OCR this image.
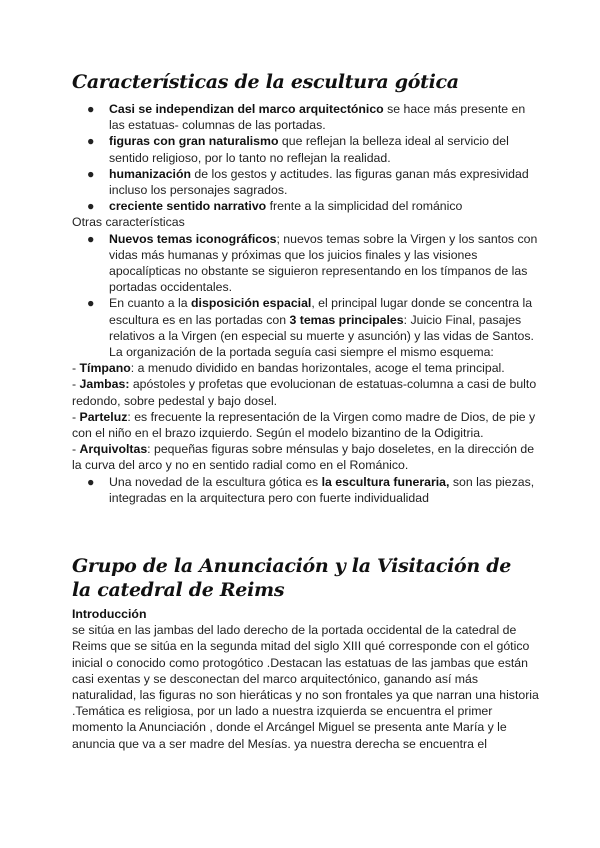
Características de la escultura gótica
● Casi se independizan del marco arquitectónico se hace más presente en las estatuas- columnas de las portadas.
● figuras con gran naturalismo que reflejan la belleza ideal al servicio del sentido religioso, por lo tanto no reflejan la realidad.
● humanización de los gestos y actitudes. las figuras ganan más expresividad incluso los personajes sagrados.
● creciente sentido narrativo frente a la simplicidad del románico

Otras características

● Nuevos temas iconográficos; nuevos temas sobre la Virgen y los santos con vidas más humanas y próximas que los juicios finales y las visiones apocalípticas no obstante se siguieron representando en los tímpanos de las portadas occidentales.
● En cuanto a la disposición espacial, el principal lugar donde se concentra la escultura es en las portadas con 3 temas principales: Juicio Final, pasajes relativos a la Virgen (en especial su muerte y asunción) y las vidas de Santos. La organización de la portada seguía casi siempre el mismo esquema:

- Tímpano: a menudo dividido en bandas horizontales, acoge el tema principal.

- Jambas: apóstoles y profetas que evolucionan de estatuas-columna a casi de bulto redondo, sobre pedestal y bajo dosel.

- Parteluz: es frecuente la representación de la Virgen como madre de Dios, de pie y con el niño en el brazo izquierdo. Según el modelo bizantino de la Odigitria.

- Arquivoltas: pequeñas figuras sobre ménsulas y bajo doseletes, en la dirección de la curva del arco y no en sentido radial como en el Románico.

● Una novedad de la escultura gótica es la escultura funeraria, son las piezas, integradas en la arquitectura pero con fuerte individualidad
Grupo de la Anunciación y la Visitación de la catedral de Reims

Introducción

se sitúa en las jambas del lado derecho de la portada occidental de la catedral de Reims que se sitúa en la segunda mitad del siglo XIII qué corresponde con el gótico inicial o conocido como protogótico .Destacan las estatuas de las jambas que están casi exentas y se desconectan del marco arquitectónico, ganando así más naturalidad, las figuras no son hieráticas y no son frontales ya que narran una historia .Temática es religiosa, por un lado a nuestra izquierda se encuentra el primer momento la Anunciación , donde el Arcángel Miguel se presenta ante María y le anuncia que va a ser madre del Mesías. ya nuestra derecha se encuentra el
